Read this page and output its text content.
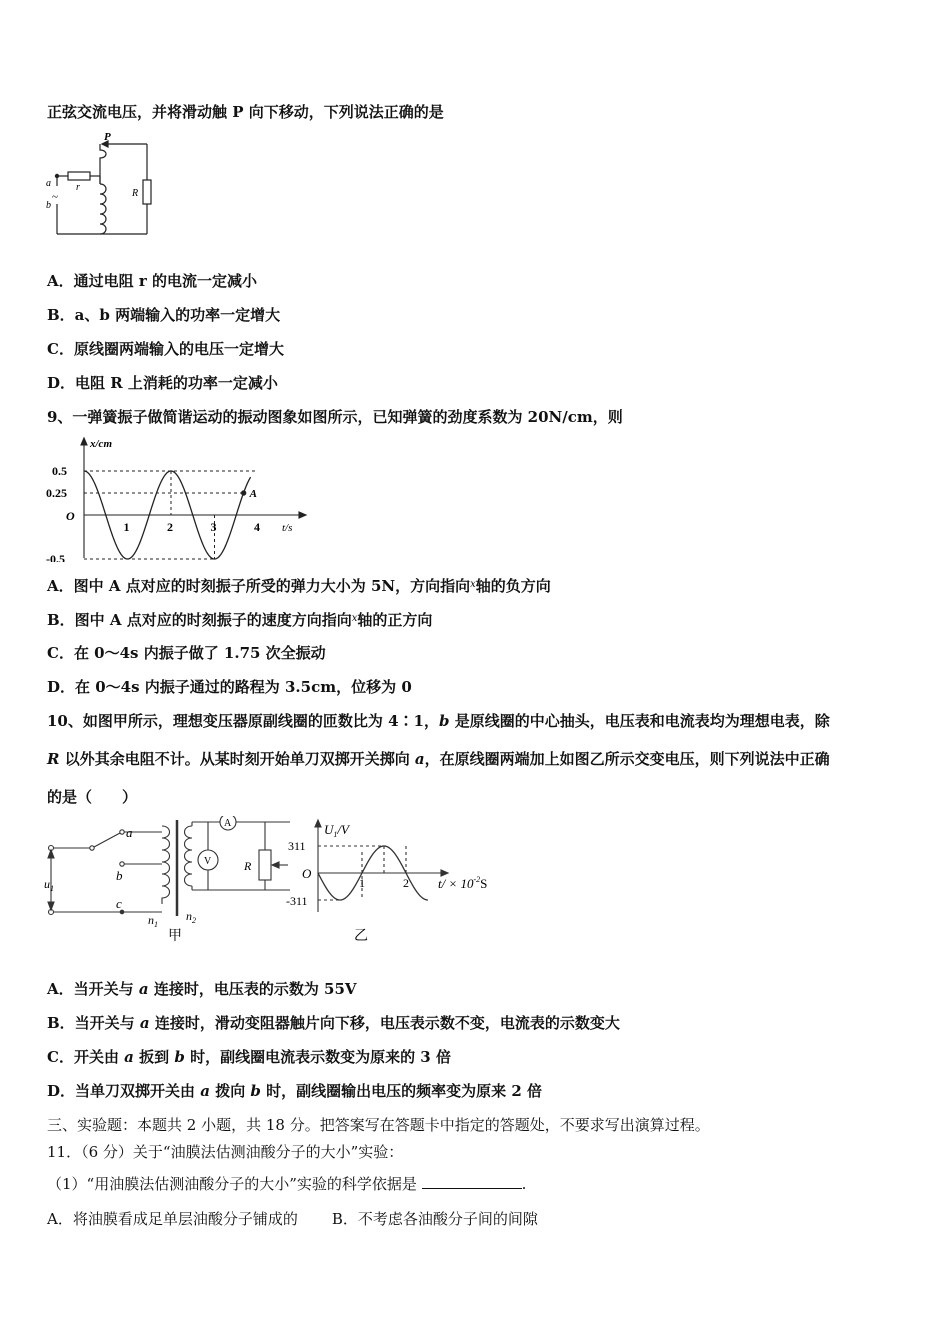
正弦交流电压，并将滑动触 P 向下移动，下列说法正确的是
P
a
b
~
r
R
A．通过电阻 r 的电流一定减小
B．a、b 两端输入的功率一定增大
C．原线圈两端输入的电压一定增大
D．电阻 R 上消耗的功率一定减小
9、一弹簧振子做简谐运动的振动图象如图所示，已知弹簧的劲度系数为 20N/cm，则
x/cm
t/s
O
A
0.5
0.25
-0.5
1	2	3	4
A．图中 A 点对应的时刻振子所受的弹力大小为 5N，方向指向$^x$轴的负方向
B．图中 A 点对应的时刻振子的速度方向指向$^x$轴的正方向
C．在 0～4s 内振子做了 1.75 次全振动
D．在 0～4s 内振子通过的路程为 3.5cm，位移为 0
10、如图甲所示，理想变压器原副线圈的匝数比为 4∶1，b 是原线圈的中心抽头，电压表和电流表均为理想电表，除
R 以外其余电阻不计。从某时刻开始单刀双掷开关掷向 a，在原线圈两端加上如图乙所示交变电压，则下列说法中正确
的是（　　）
A
V	R
a
b
c
$u_1$
$n_1$
$n_2$
甲
$U_1/V$
311
-311
O
1	2 $t/ \times 10^{-2}S$
乙
A．当开关与 a 连接时，电压表的示数为 55V
B．当开关与 a 连接时，滑动变阻器触片向下移，电压表示数不变，电流表的示数变大
C．开关由 a 扳到 b 时，副线圈电流表示数变为原来的 3 倍
D．当单刀双掷开关由 a 拨向 b 时，副线圈输出电压的频率变为原来 2 倍
三、实验题：本题共 2 小题，共 18 分。把答案写在答题卡中指定的答题处，不要求写出演算过程。
11．（6 分）关于“油膜法估测油酸分子的大小”实验：
（1）“用油膜法估测油酸分子的大小”实验的科学依据是	.
A．将油膜看成足单层油酸分子铺成的 B．不考虑各油酸分子间的间隙
